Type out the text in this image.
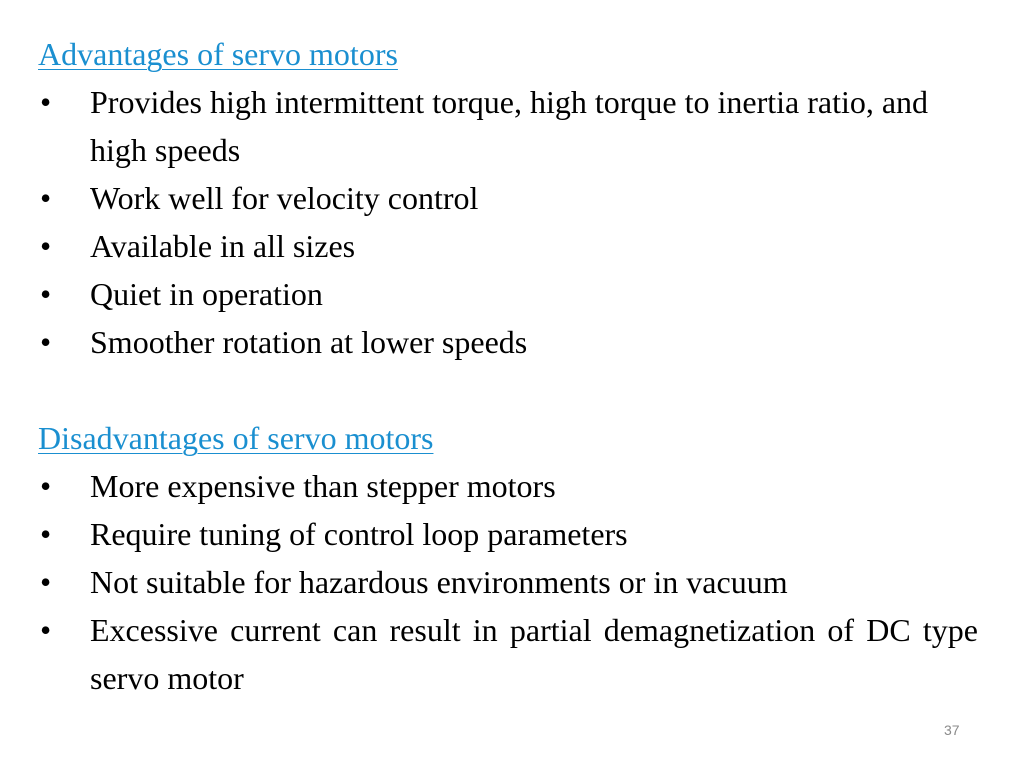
Advantages of servo motors
• Provides high intermittent torque, high torque to inertia ratio, and high speeds
• Work well for velocity control
• Available in all sizes
• Quiet in operation
• Smoother rotation at lower speeds
Disadvantages of servo motors
• More expensive than stepper motors
• Require tuning of control loop parameters
• Not suitable for hazardous environments or in vacuum
• Excessive current can result in partial demagnetization of DC type servo motor
37
